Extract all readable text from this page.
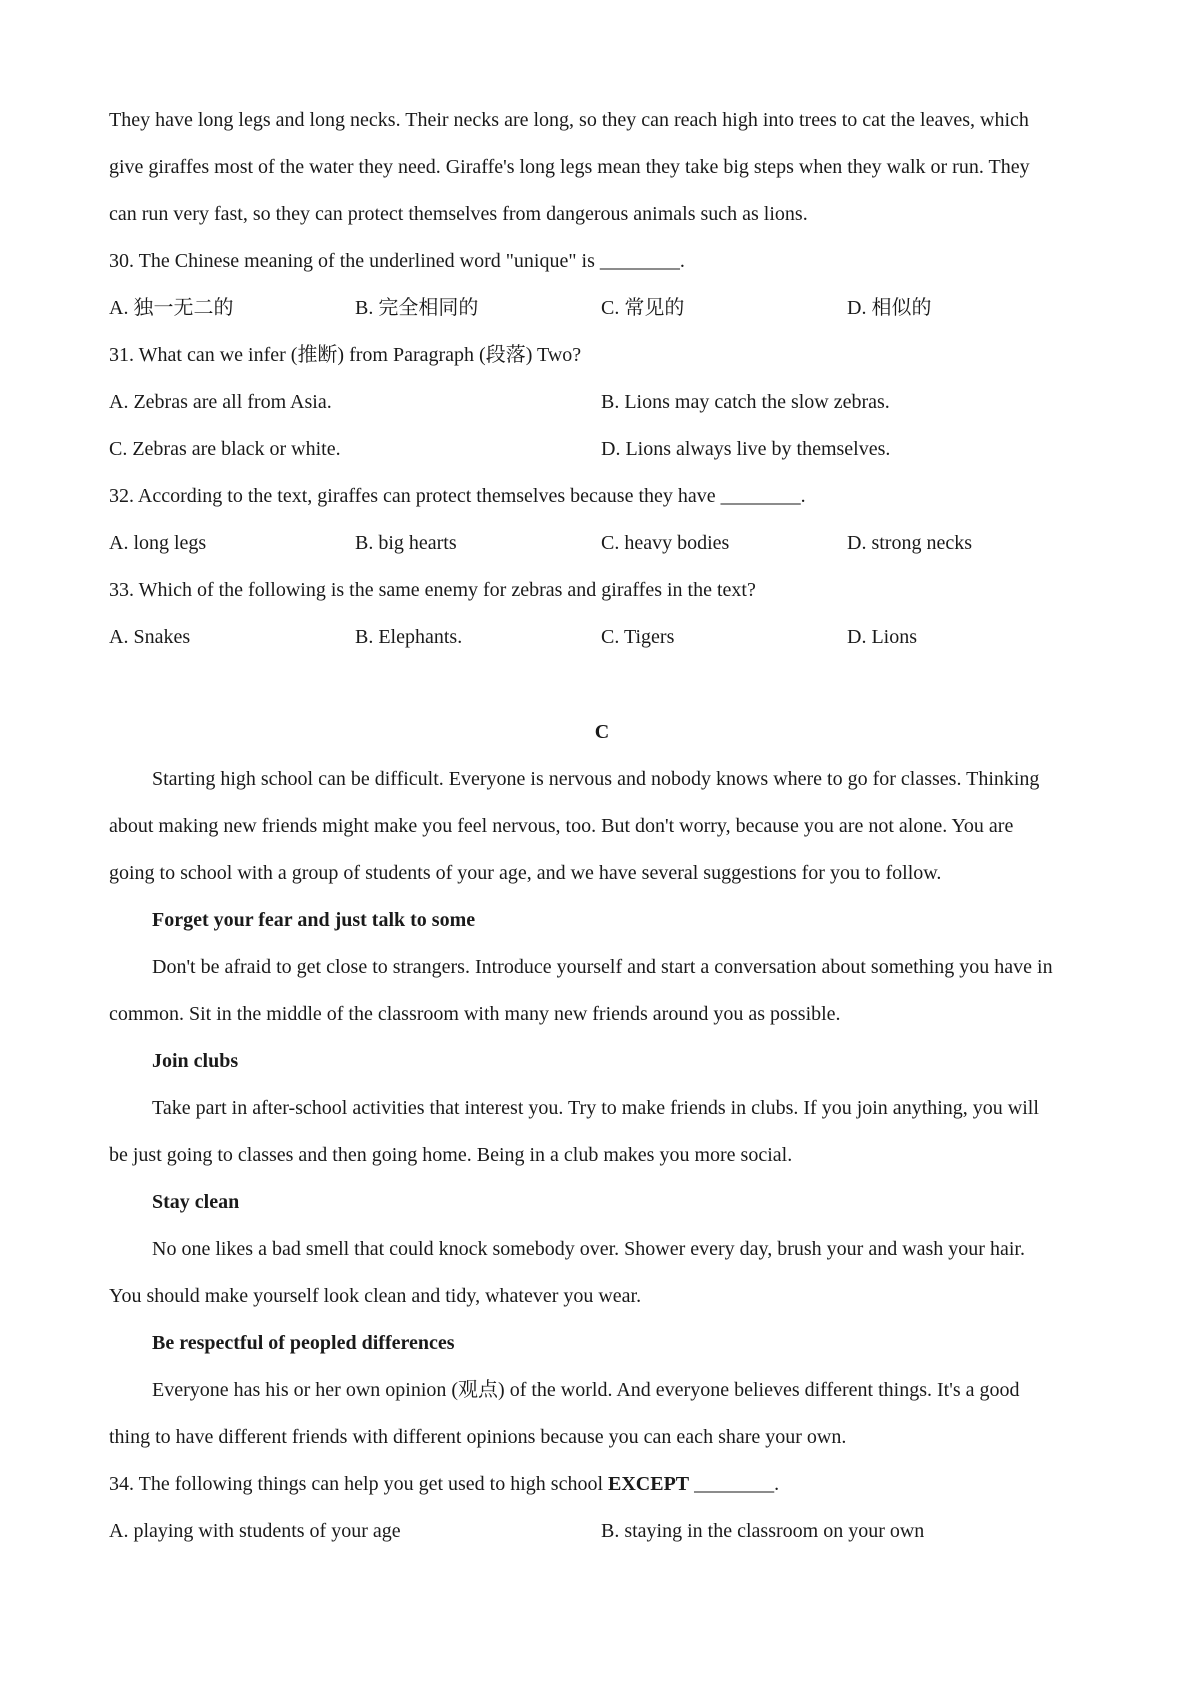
They have long legs and long necks. Their necks are long, so they can reach high into trees to cat the leaves, which

give giraffes most of the water they need. Giraffe's long legs mean they take big steps when they walk or run. They

can run very fast, so they can protect themselves from dangerous animals such as lions.

30. The Chinese meaning of the underlined word "unique" is ________.

A. 独一无二的	B. 完全相同的	C. 常见的	D. 相似的

31. What can we infer (推断) from Paragraph (段落) Two?

A. Zebras are all from Asia.	B. Lions may catch the slow zebras.
C. Zebras are black or white.	D. Lions always live by themselves.

32. According to the text, giraffes can protect themselves because they have ________.

A. long legs	B. big hearts	C. heavy bodies	D. strong necks

33. Which of the following is the same enemy for zebras and giraffes in the text?

A. Snakes	B. Elephants.	C. Tigers	D. Lions
C

Starting high school can be difficult. Everyone is nervous and nobody knows where to go for classes. Thinking

about making new friends might make you feel nervous, too. But don't worry, because you are not alone. You are

going to school with a group of students of your age, and we have several suggestions for you to follow.

Forget your fear and just talk to some

Don't be afraid to get close to strangers. Introduce yourself and start a conversation about something you have in

common. Sit in the middle of the classroom with many new friends around you as possible.

Join clubs

Take part in after-school activities that interest you. Try to make friends in clubs. If you join anything, you will

be just going to classes and then going home. Being in a club makes you more social.

Stay clean

No one likes a bad smell that could knock somebody over. Shower every day, brush your and wash your hair.

You should make yourself look clean and tidy, whatever you wear.

Be respectful of peopled differences

Everyone has his or her own opinion (观点) of the world. And everyone believes different things. It's a good

thing to have different friends with different opinions because you can each share your own.

34. The following things can help you get used to high school EXCEPT ________.

A. playing with students of your age	B. staying in the classroom on your own
